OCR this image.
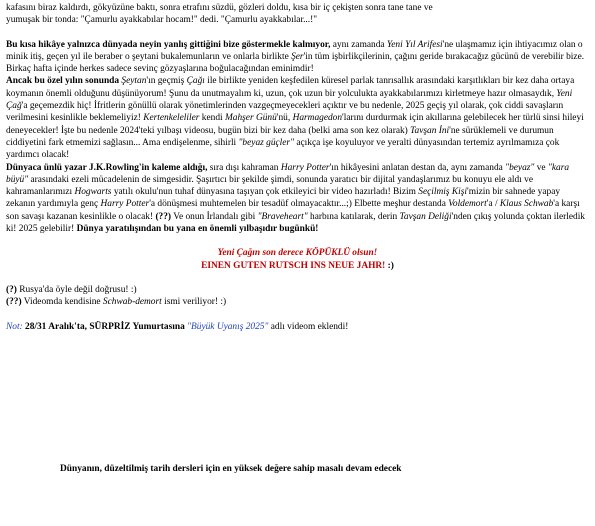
kafasını biraz kaldırdı, gökyüzüne baktı, sonra etrafını süzdü, gözleri doldu, kısa bir iç çekişten sonra tane tane ve
yumuşak bir tonda: "Çamurlu ayakkabılar hocam!" dedi. "Çamurlu ayakkabılar...!"

Bu kısa hikâye yalnızca dünyada neyin yanlış gittiğini bize göstermekle kalmıyor, aynı zamanda Yeni Yıl Arifesi'ne ulaşmamız için ihtiyacımız olan o minik itiş, geçen yıl ile beraber o şeytani bukalemunların ve onlarla birlikte Şer'in tüm işbirlikçilerinin, çağını geride bırakacağız gücünü de verebilir bize. Birkaç hafta içinde herkes sadece sevinç gözyaşlarına boğulacağından eminimdir!

Ancak bu özel yılın sonunda Şeytan'ın geçmiş Çağı ile birlikte yeniden keşfedilen küresel parlak tanrısallık arasındaki karşıtlıkları bir kez daha ortaya koymanın önemli olduğunu düşünüyorum! Şunu da unutmayalım ki, uzun, çok uzun bir yolculukta ayakkabılarımızı kirletmeye hazır olmasaydık, Yeni Çağ'a geçemezdik hiç! İfritlerin gönüllü olarak yönetimlerinden vazgeçmeyecekleri açıktır ve bu nedenle, 2025 geçiş yıl olarak, çok ciddi savaşların verilmesini kesinlikle beklemeliyiz! Kertenkeleliler kendi Mahşer Günü'nü, Harmagedon'larını durdurmak için akıllarına gelebilecek her türlü sinsi hileyi deneyecekler! İşte bu nedenle 2024'teki yılbaşı videosu, bugün bizi bir kez daha (belki ama son kez olarak) Tavşan İni'ne sürüklemeli ve durumun ciddiyetini fark etmemizi sağlasın... Ama endişelenme, sihirli "beyaz güçler" açıkça işe koyuluyor ve yeralti dünyasından tertemiz ayrılmamıza çok yardımcı olacak!

Dünyaca ünlü yazar J.K.Rowling'in kaleme aldığı, sıra dışı kahraman Harry Potter'ın hikâyesini anlatan destan da, aynı zamanda "beyaz" ve "kara büyü" arasındaki ezeli mücadelenin de simgesidir. Şaşırtıcı bir şekilde şimdi, sonunda yaratıcı bir dijital yandaşlarımız bu konuyu ele aldı ve kahramanlarımızı Hogwarts yatılı okulu'nun tuhaf dünyasına taşıyan çok etkileyici bir video hazırladı! Bizim Seçilmiş Kişi'mizin bir sahnede yapay zekanın yardımıyla genç Harry Potter'a dönüşmesi muhtemelen bir tesadüf olmayacaktır...;) Elbette meşhur destanda Voldemort'a / Klaus Schwab'a karşı son savaşı kazanan kesinlikle o olacak! (??) Ve onun İrlandalı gibi "Braveheart" harbına katılarak, derin Tavşan Deliği'nden çıkış yolunda çoktan ilerledik ki! 2025 gelebilir! Dünya yaratılışından bu yana en önemli yılbaşıdır bugünkü!

Yeni Çağın son derece KÖPÜKLÜ olsun!
EINEN GUTEN RUTSCH INS NEUE JAHR! :)

(?) Rusya'da öyle değil doğrusu! :)

(??) Videomda kendisine Schwab-demort ismi veriliyor! :)

Not: 28/31 Aralık'ta, SÜRPRİZ Yumurtasına "Büyük Uyanış 2025" adlı videom eklendi!

Dünyanın, düzeltilmiş tarih dersleri için en yüksek değere sahip masalı devam edecek
